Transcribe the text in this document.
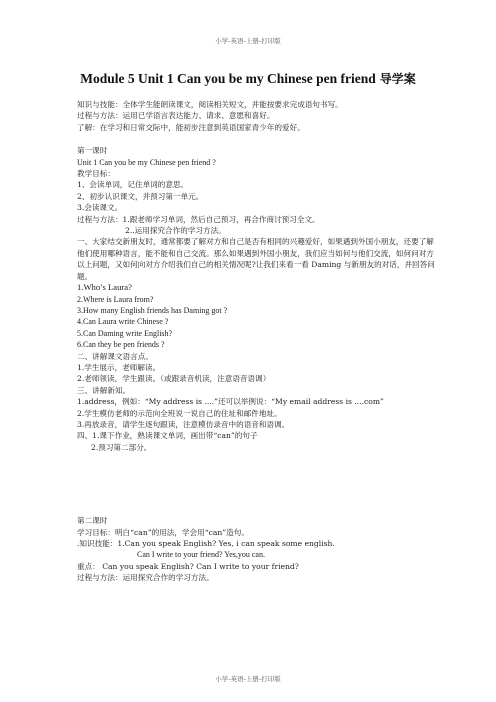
小学-英语-上册-打印版
Module 5 Unit 1 Can you be my Chinese pen friend 导学案
知识与技能：全体学生能朗读课文，阅读相关短文，并能按要求完成语句书写。
过程与方法：运用已学语言表达能力、请求、意愿和喜好。
了解：在学习和日常交际中，能初步注意到英语国家青少年的爱好。
第一课时
Unit 1 Can you be my Chinese pen friend ?
教学目标：
1、会读单词，记住单词的意思。
2、初步认识课文，并预习第一单元。
3.会读课文。
过程与方法：1.跟老师学习单词，然后自己预习，再合作商讨预习全文。
2..运用探究合作的学习方法。
一、大家结交新朋友时，通常都要了解对方和自己是否有相同的兴趣爱好，如果遇到外国小朋友，还要了解他们使用哪种语言，能不能和自己交流。那么如果遇到外国小朋友，我们应当如何与他们交流，如何问对方以上问题，又如何向对方介绍我们自己的相关情况呢?让我们来看一看 Daming 与新朋友的对话，并回答问题。
1.Who’s Laura?
2.Where is Laura from?
3.How many English friends has Daming got ?
4.Can Laura write Chinese ?
5.Can Daming write English?
6.Can they be pen friends ?
二、讲解课文语言点。
1.学生展示，老师解读。
2.老师领读，学生跟读。（或跟录音机读，注意语音语调）
三、讲解新知。
1.address，例如：“My address is ....”还可以举例说：“My email address is ....com”
2.学生模仿老师的示范向全班说一说自己的住址和邮件地址。
3.再放录音，请学生逐句跟读，注意模仿录音中的语音和语调。
四、1.课下作业，熟读课文单词，画出带“can”的句子
2.预习第二部分。
第二课时
学习目标：明白“can”的用法，学会用“can”造句。
.知识技能：1.Can you speak English? Yes, i can speak some english.
Can I write to your friend? Yes,you can.
重点： Can you speak English? Can I write to your friend?
过程与方法：运用探究合作的学习方法。
小学-英语-上册-打印版
